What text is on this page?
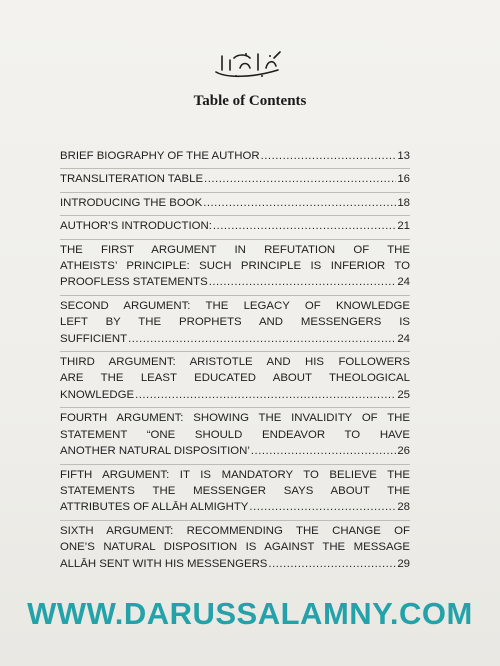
Table of Contents
BRIEF BIOGRAPHY OF THE AUTHOR .....	13
TRANSLITERATION TABLE .....	16
INTRODUCING THE BOOK .....	18
AUTHOR’S INTRODUCTION: .....	21
THE FIRST ARGUMENT IN REFUTATION OF THE
ATHEISTS’ PRINCIPLE: SUCH PRINCIPLE IS INFERIOR TO
PROOFLESS STATEMENTS .....	24
SECOND ARGUMENT: THE LEGACY OF KNOWLEDGE
LEFT BY THE PROPHETS AND MESSENGERS IS
SUFFICIENT .....	24
THIRD ARGUMENT: ARISTOTLE AND HIS FOLLOWERS
ARE THE LEAST EDUCATED ABOUT THEOLOGICAL
KNOWLEDGE .....	25
FOURTH ARGUMENT: SHOWING THE INVALIDITY OF THE
STATEMENT “ONE SHOULD ENDEAVOR TO HAVE
ANOTHER NATURAL DISPOSITION’ .....	26
FIFTH ARGUMENT: IT IS MANDATORY TO BELIEVE THE
STATEMENTS THE MESSENGER SAYS ABOUT THE
ATTRIBUTES OF ALLĀH ALMIGHTY .....	28
SIXTH ARGUMENT: RECOMMENDING THE CHANGE OF
ONE’S NATURAL DISPOSITION IS AGAINST THE MESSAGE
ALLĀH SENT WITH HIS MESSENGERS .....	29
WWW.DARUSSALAMNY.COM
